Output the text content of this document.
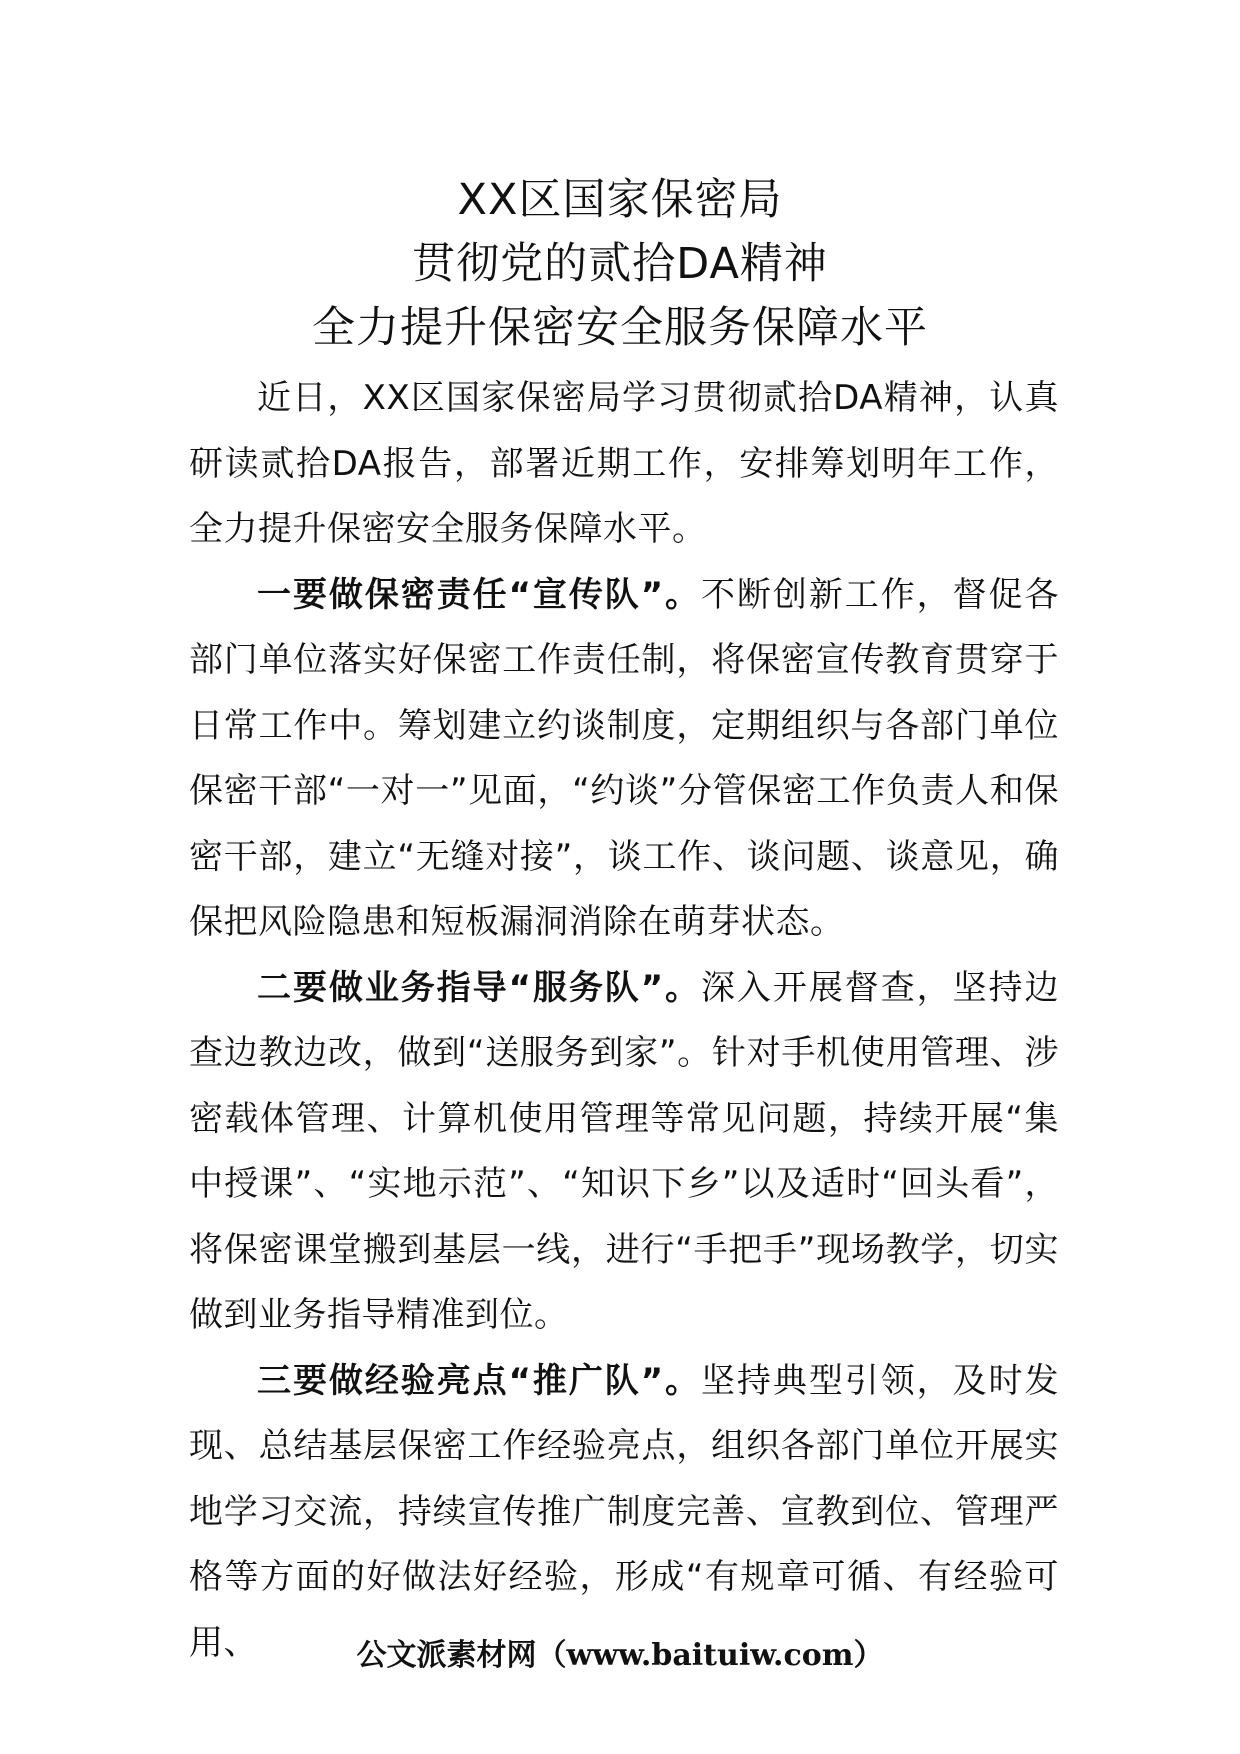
XX区国家保密局
贯彻党的贰拾DA精神
全力提升保密安全服务保障水平

近日，XX区国家保密局学习贯彻贰拾DA精神，认真研读贰拾DA报告，部署近期工作，安排筹划明年工作，全力提升保密安全服务保障水平。

一要做保密责任“宣传队”。不断创新工作，督促各部门单位落实好保密工作责任制，将保密宣传教育贯穿于日常工作中。筹划建立约谈制度，定期组织与各部门单位保密干部“一对一”见面，“约谈”分管保密工作负责人和保密干部，建立“无缝对接”，谈工作、谈问题、谈意见，确保把风险隐患和短板漏洞消除在萌芽状态。

二要做业务指导“服务队”。深入开展督查，坚持边查边教边改，做到“送服务到家”。针对手机使用管理、涉密载体管理、计算机使用管理等常见问题，持续开展“集中授课”、“实地示范”、“知识下乡”以及适时“回头看”，将保密课堂搬到基层一线，进行“手把手”现场教学，切实做到业务指导精准到位。

三要做经验亮点“推广队”。坚持典型引领，及时发现、总结基层保密工作经验亮点，组织各部门单位开展实地学习交流，持续宣传推广制度完善、宣教到位、管理严格等方面的好做法好经验，形成“有规章可循、有经验可用、	公文派素材网（www.baituiw.com）
